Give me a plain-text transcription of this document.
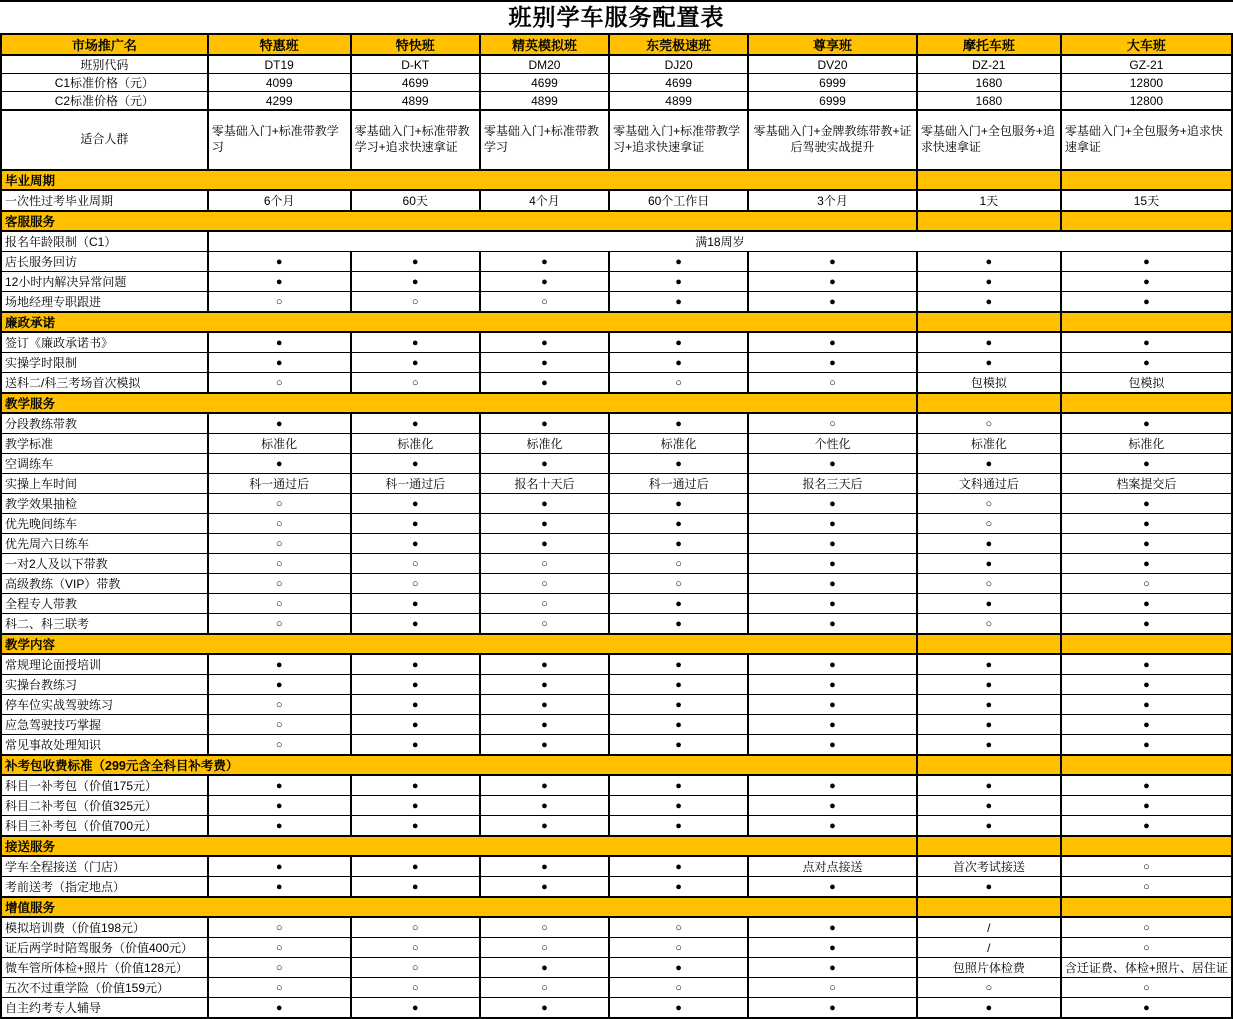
班别学车服务配置表
市场推广名	特惠班	特快班	精英模拟班	东莞极速班	尊享班	摩托车班	大车班
班别代码	DT19	D-KT	DM20	DJ20	DV20	DZ-21	GZ-21
C1标准价格（元）	4099	4699	4699	4699	6999	1680	12800
C2标准价格（元）	4299	4899	4899	4899	6999	1680	12800
适合人群	零基础入门+标准带教学习	零基础入门+标准带教学习+追求快速拿证	零基础入门+标准带教学习	零基础入门+标准带教学习+追求快速拿证	零基础入门+金牌教练带教+证后驾驶实战提升	零基础入门+全包服务+追求快速拿证	零基础入门+全包服务+追求快速拿证
毕业周期							
一次性过考毕业周期	6个月	60天	4个月	60个工作日	3个月	1天	15天
客服服务							
报名年龄限制（C1）	满18周岁						
店长服务回访	●	●	●	●	●	●	●
12小时内解决异常问题	●	●	●	●	●	●	●
场地经理专职跟进	○	○	○	●	●	●	●
廉政承诺							
签订《廉政承诺书》	●	●	●	●	●	●	●
实操学时限制	●	●	●	●	●	●	●
送科二/科三考场首次模拟	○	○	●	○	○	包模拟	包模拟
教学服务							
分段教练带教	●	●	●	●	○	○	●
教学标准	标准化	标准化	标准化	标准化	个性化	标准化	标准化
空调练车	●	●	●	●	●	●	●
实操上车时间	科一通过后	科一通过后	报名十天后	科一通过后	报名三天后	文科通过后	档案提交后
教学效果抽检	○	●	●	●	●	○	●
优先晚间练车	○	●	●	●	●	○	●
优先周六日练车	○	●	●	●	●	●	●
一对2人及以下带教	○	○	○	○	●	●	●
高级教练（VIP）带教	○	○	○	○	●	○	○
全程专人带教	○	●	○	●	●	●	●
科二、科三联考	○	●	○	●	●	○	●
教学内容							
常规理论面授培训	●	●	●	●	●	●	●
实操台教练习	●	●	●	●	●	●	●
停车位实战驾驶练习	○	●	●	●	●	●	●
应急驾驶技巧掌握	○	●	●	●	●	●	●
常见事故处理知识	○	●	●	●	●	●	●
补考包收费标准（299元含全科目补考费）							
科目一补考包（价值175元）	●	●	●	●	●	●	●
科目二补考包（价值325元）	●	●	●	●	●	●	●
科目三补考包（价值700元）	●	●	●	●	●	●	●
接送服务							
学车全程接送（门店）	●	●	●	●	点对点接送	首次考试接送	○
考前送考（指定地点）	●	●	●	●	●	●	○
增值服务							
模拟培训费（价值198元）	○	○	○	○	●	/	○
证后两学时陪驾服务（价值400元）	○	○	○	○	●	/	○
微车管所体检+照片（价值128元）	○	○	●	●	●	包照片体检费	含迁证费、体检+照片、居住证
五次不过重学险（价值159元）	○	○	○	○	○	○	○
自主约考专人辅导	●	●	●	●	●	●	●
